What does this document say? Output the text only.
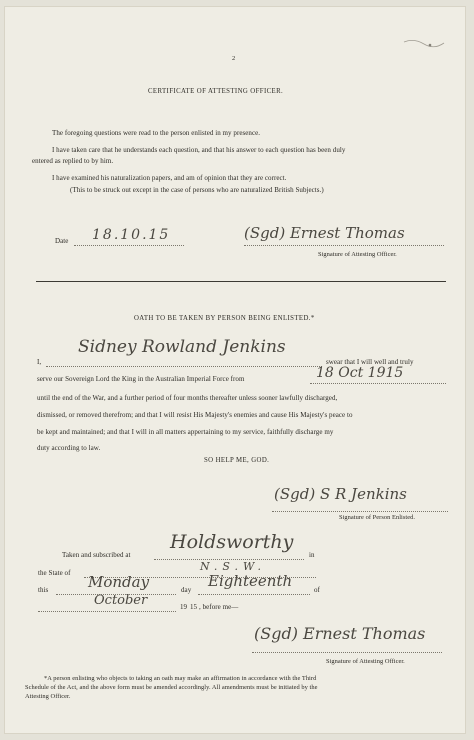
2
CERTIFICATE OF ATTESTING OFFICER.
The foregoing questions were read to the person enlisted in my presence.
I have taken care that he understands each question, and that his answer to each question has been duly
entered as replied to by him.
I have examined his naturalization papers, and am of opinion that they are correct.
(This to be struck out except in the case of persons who are naturalized British Subjects.)
Date 18.10.15	(Sgd) Ernest Thomas
Signature of Attesting Officer.
OATH TO BE TAKEN BY PERSON BEING ENLISTED.*
I,
Sidney Rowland Jenkins
swear that I will well and truly
serve our Sovereign Lord the King in the Australian Imperial Force from	18 Oct 1915
until the end of the War, and a further period of four months thereafter unless sooner lawfully discharged,
dismissed, or removed therefrom; and that I will resist His Majesty's enemies and cause His Majesty's peace to
be kept and maintained; and that I will in all matters appertaining to my service, faithfully discharge my
duty according to law.
SO HELP ME, GOD.
(Sgd) S R Jenkins
Signature of Person Enlisted.
Taken and subscribed at
Holdsworthy
in
the State of	N.S.W.
this	Monday	day Eighteenth	of
October	19 15 , before me—
(Sgd) Ernest Thomas
Signature of Attesting Officer.
*A person enlisting who objects to taking an oath may make an affirmation in accordance with the Third
Schedule of the Act, and the above form must be amended accordingly. All amendments must be initiated by the
Attesting Officer.
